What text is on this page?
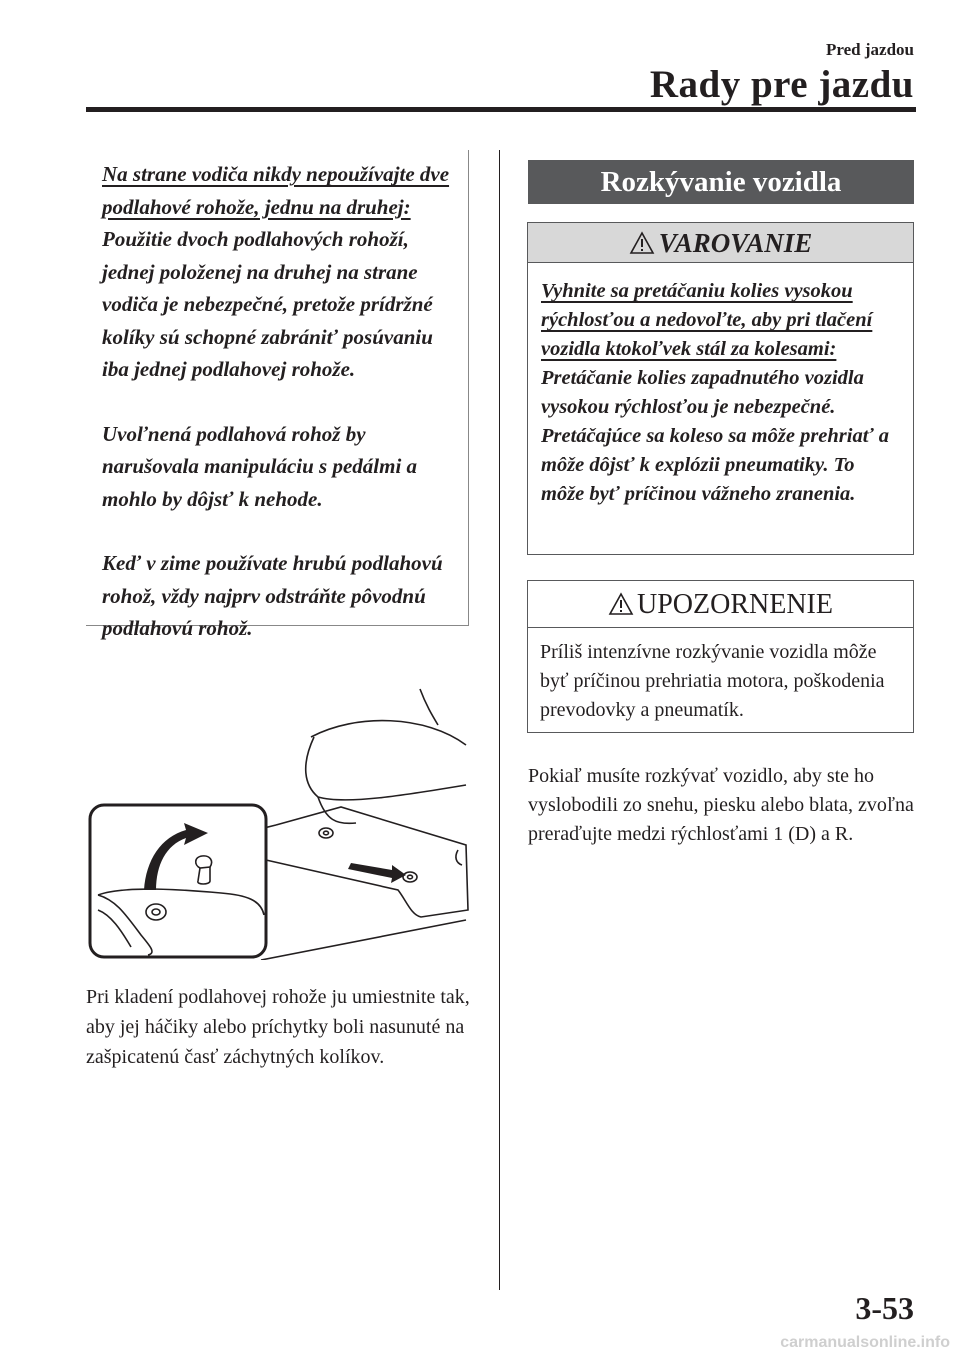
Pred jazdou
Rady pre jazdu

Na strane vodiča nikdy nepoužívajte dve podlahové rohože, jednu na druhej:

Použitie dvoch podlahových rohoží, jednej položenej na druhej na strane vodiča je nebezpečné, pretože prídržné kolíky sú schopné zabrániť posúvaniu iba jednej podlahovej rohože.

Uvoľnená podlahová rohož by narušovala manipuláciu s pedálmi a mohlo by dôjsť k nehode.

Keď v zime používate hrubú podlahovú rohož, vždy najprv odstráňte pôvodnú podlahovú rohož.

Pri kladení podlahovej rohože ju umiestnite tak, aby jej háčiky alebo príchytky boli nasunuté na zašpicatenú časť záchytných kolíkov.
Rozkývanie vozidla
VAROVANIE

Vyhnite sa pretáčaniu kolies vysokou rýchlosťou a nedovoľte, aby pri tlačení vozidla ktokoľvek stál za kolesami:

Pretáčanie kolies zapadnutého vozidla vysokou rýchlosťou je nebezpečné. Pretáčajúce sa koleso sa môže prehriať a môže dôjsť k explózii pneumatiky. To môže byť príčinou vážneho zranenia.

UPOZORNENIE
Príliš intenzívne rozkývanie vozidla môže byť príčinou prehriatia motora, poškodenia prevodovky a pneumatík.
Pokiaľ musíte rozkývať vozidlo, aby ste ho vyslobodili zo snehu, piesku alebo blata, zvoľna preraďujte medzi rýchlosťami 1 (D) a R.
3-53
carmanualsonline.info
